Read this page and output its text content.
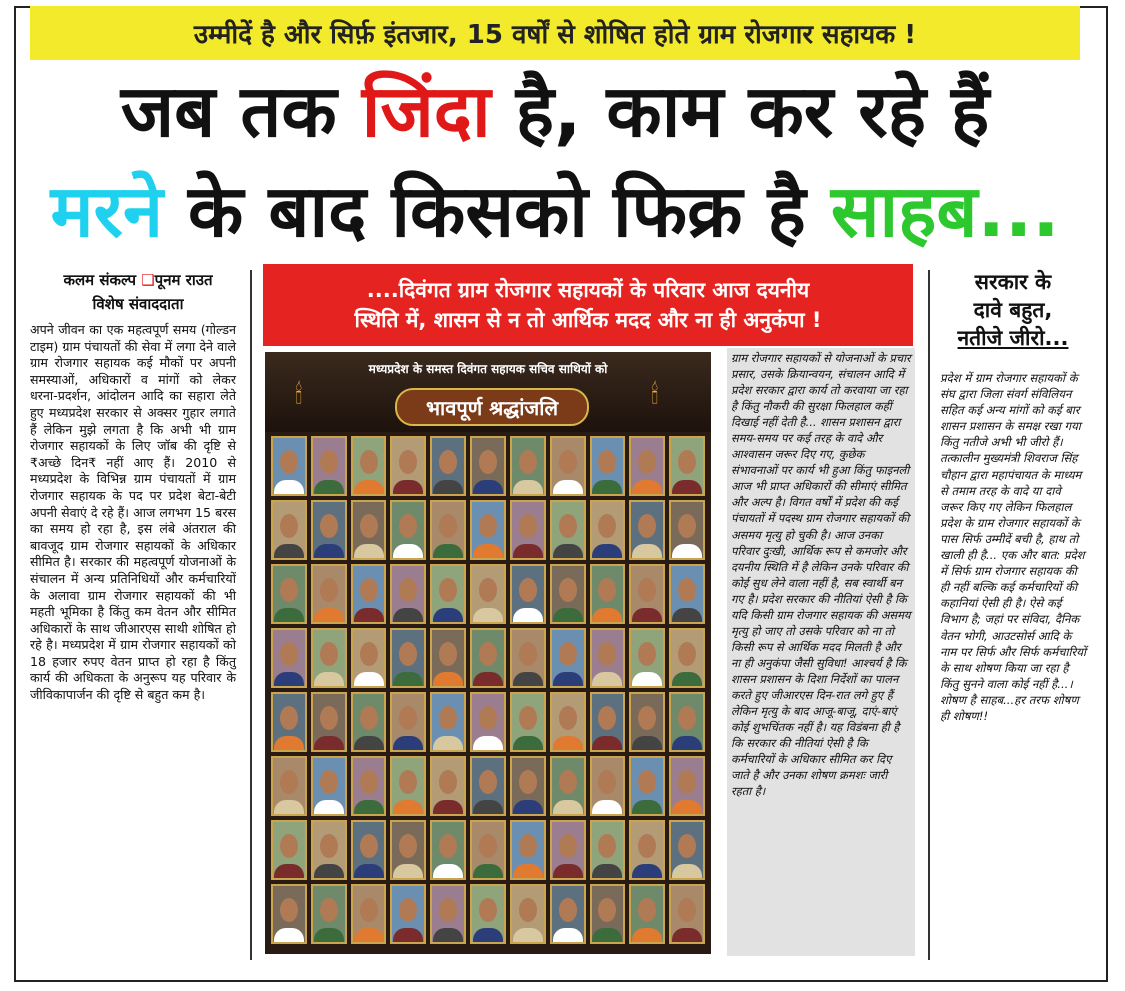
उम्मीदें है और सिर्फ़ इंतजार, 15 वर्षों से शोषित होते ग्राम रोजगार सहायक !
जब तक जिंदा है, काम कर रहे हैं
मरने के बाद किसको फिक्र है साहब...
कलम संकल्प ❑पूनम राउत
विशेष संवाददाता
अपने जीवन का एक महत्वपूर्ण समय (गोल्डन टाइम) ग्राम पंचायतों की सेवा में लगा देने वाले ग्राम रोजगार सहायक कई मौकों पर अपनी समस्याओं, अधिकारों व मांगों को लेकर धरना-प्रदर्शन, आंदोलन आदि का सहारा लेते हुए मध्यप्रदेश सरकार से अक्सर गुहार लगाते हैं लेकिन मुझे लगता है कि अभी भी ग्राम रोजगार सहायकों के लिए जॉब की दृष्टि से ₹अच्छे दिन₹ नहीं आए हैं। 2010 से मध्यप्रदेश के विभिन्न ग्राम पंचायतों में ग्राम रोजगार सहायक के पद पर प्रदेश बेटा-बेटी अपनी सेवाएं दे रहे हैं। आज लगभग 15 बरस का समय हो रहा है, इस लंबे अंतराल की बावजूद ग्राम रोजगार सहायकों के अधिकार सीमित है। सरकार की महत्वपूर्ण योजनाओं के संचालन में अन्य प्रतिनिधियों और कर्मचारियों के अलावा ग्राम रोजगार सहायकों की भी महती भूमिका है किंतु कम वेतन और सीमित अधिकारों के साथ जीआरएस साथी शोषित हो रहे है। मध्यप्रदेश में ग्राम रोजगार सहायकों को 18 हजार रुपए वेतन प्राप्त हो रहा है किंतु कार्य की अधिकता के अनुरूप यह परिवार के जीविकापार्जन की दृष्टि से बहुत कम है।
....दिवंगत ग्राम रोजगार सहायकों के परिवार आज दयनीय
स्थिति में, शासन से न तो आर्थिक मदद और ना ही अनुकंपा !
🕯	🕯
मध्यप्रदेश के समस्त दिवंगत सहायक सचिव साथियों को
भावपूर्ण श्रद्धांजलि
ग्राम रोजगार सहायकों से योजनाओं के प्रचार प्रसार, उसके क्रियान्वयन, संचालन आदि में प्रदेश सरकार द्वारा कार्य तो करवाया जा रहा है किंतु नौकरी की सुरक्षा फिलहाल कहीं दिखाई नहीं देती है... शासन प्रशासन द्वारा समय-समय पर कई तरह के वादे और आश्वासन जरूर दिए गए, कुछेक संभावनाओं पर कार्य भी हुआ किंतु फाइनली आज भी प्राप्त अधिकारों की सीमाएं सीमित और अल्प है। विगत वर्षों में प्रदेश की कई पंचायतों में पदस्थ ग्राम रोजगार सहायकों की असमय मृत्यु हो चुकी है। आज उनका परिवार दुःखी, आर्थिक रूप से कमजोर और दयनीय स्थिति में है लेकिन उनके परिवार की कोई सुध लेने वाला नहीं है, सब स्वार्थी बन गए है। प्रदेश सरकार की नीतियां ऐसी है कि यदि किसी ग्राम रोजगार सहायक की असमय मृत्यु हो जाए तो उसके परिवार को ना तो किसी रूप से आर्थिक मदद मिलती है और ना ही अनुकंपा जैसी सुविधा! आश्चर्य है कि शासन प्रशासन के दिशा निर्देशों का पालन करते हुए जीआरएस दिन-रात लगे हुए हैं लेकिन मृत्यु के बाद आजू-बाजू, दाएं-बाएं कोई शुभचिंतक नहीं है। यह विडंबना ही है कि सरकार की नीतियां ऐसी है कि कर्मचारियों के अधिकार सीमित कर दिए जाते है और उनका शोषण क्रमशः जारी रहता है।
सरकार के
दावे बहुत,
नतीजे जीरो...
प्रदेश में ग्राम रोजगार सहायकों के संघ द्वारा जिला संवर्ग संविलियन सहित कई अन्य मांगों को कई बार शासन प्रशासन के समक्ष रखा गया किंतु नतीजे अभी भी जीरो हैं। तत्कालीन मुख्यमंत्री शिवराज सिंह चौहान द्वारा महापंचायत के माध्यम से तमाम तरह के वादे या दावे जरूर किए गए लेकिन फिलहाल प्रदेश के ग्राम रोजगार सहायकों के पास सिर्फ उम्मीदें बची है, हाथ तो खाली ही है... एक और बात: प्रदेश में सिर्फ ग्राम रोजगार सहायक की ही नहीं बल्कि कई कर्मचारियों की कहानियां ऐसी ही है। ऐसे कई विभाग है; जहां पर संविदा, दैनिक वेतन भोगी, आउटसोर्स आदि के नाम पर सिर्फ और सिर्फ कर्मचारियों के साथ शोषण किया जा रहा है किंतु सुनने वाला कोई नहीं है...। शोषण है साहब...हर तरफ शोषण ही शोषण!!
